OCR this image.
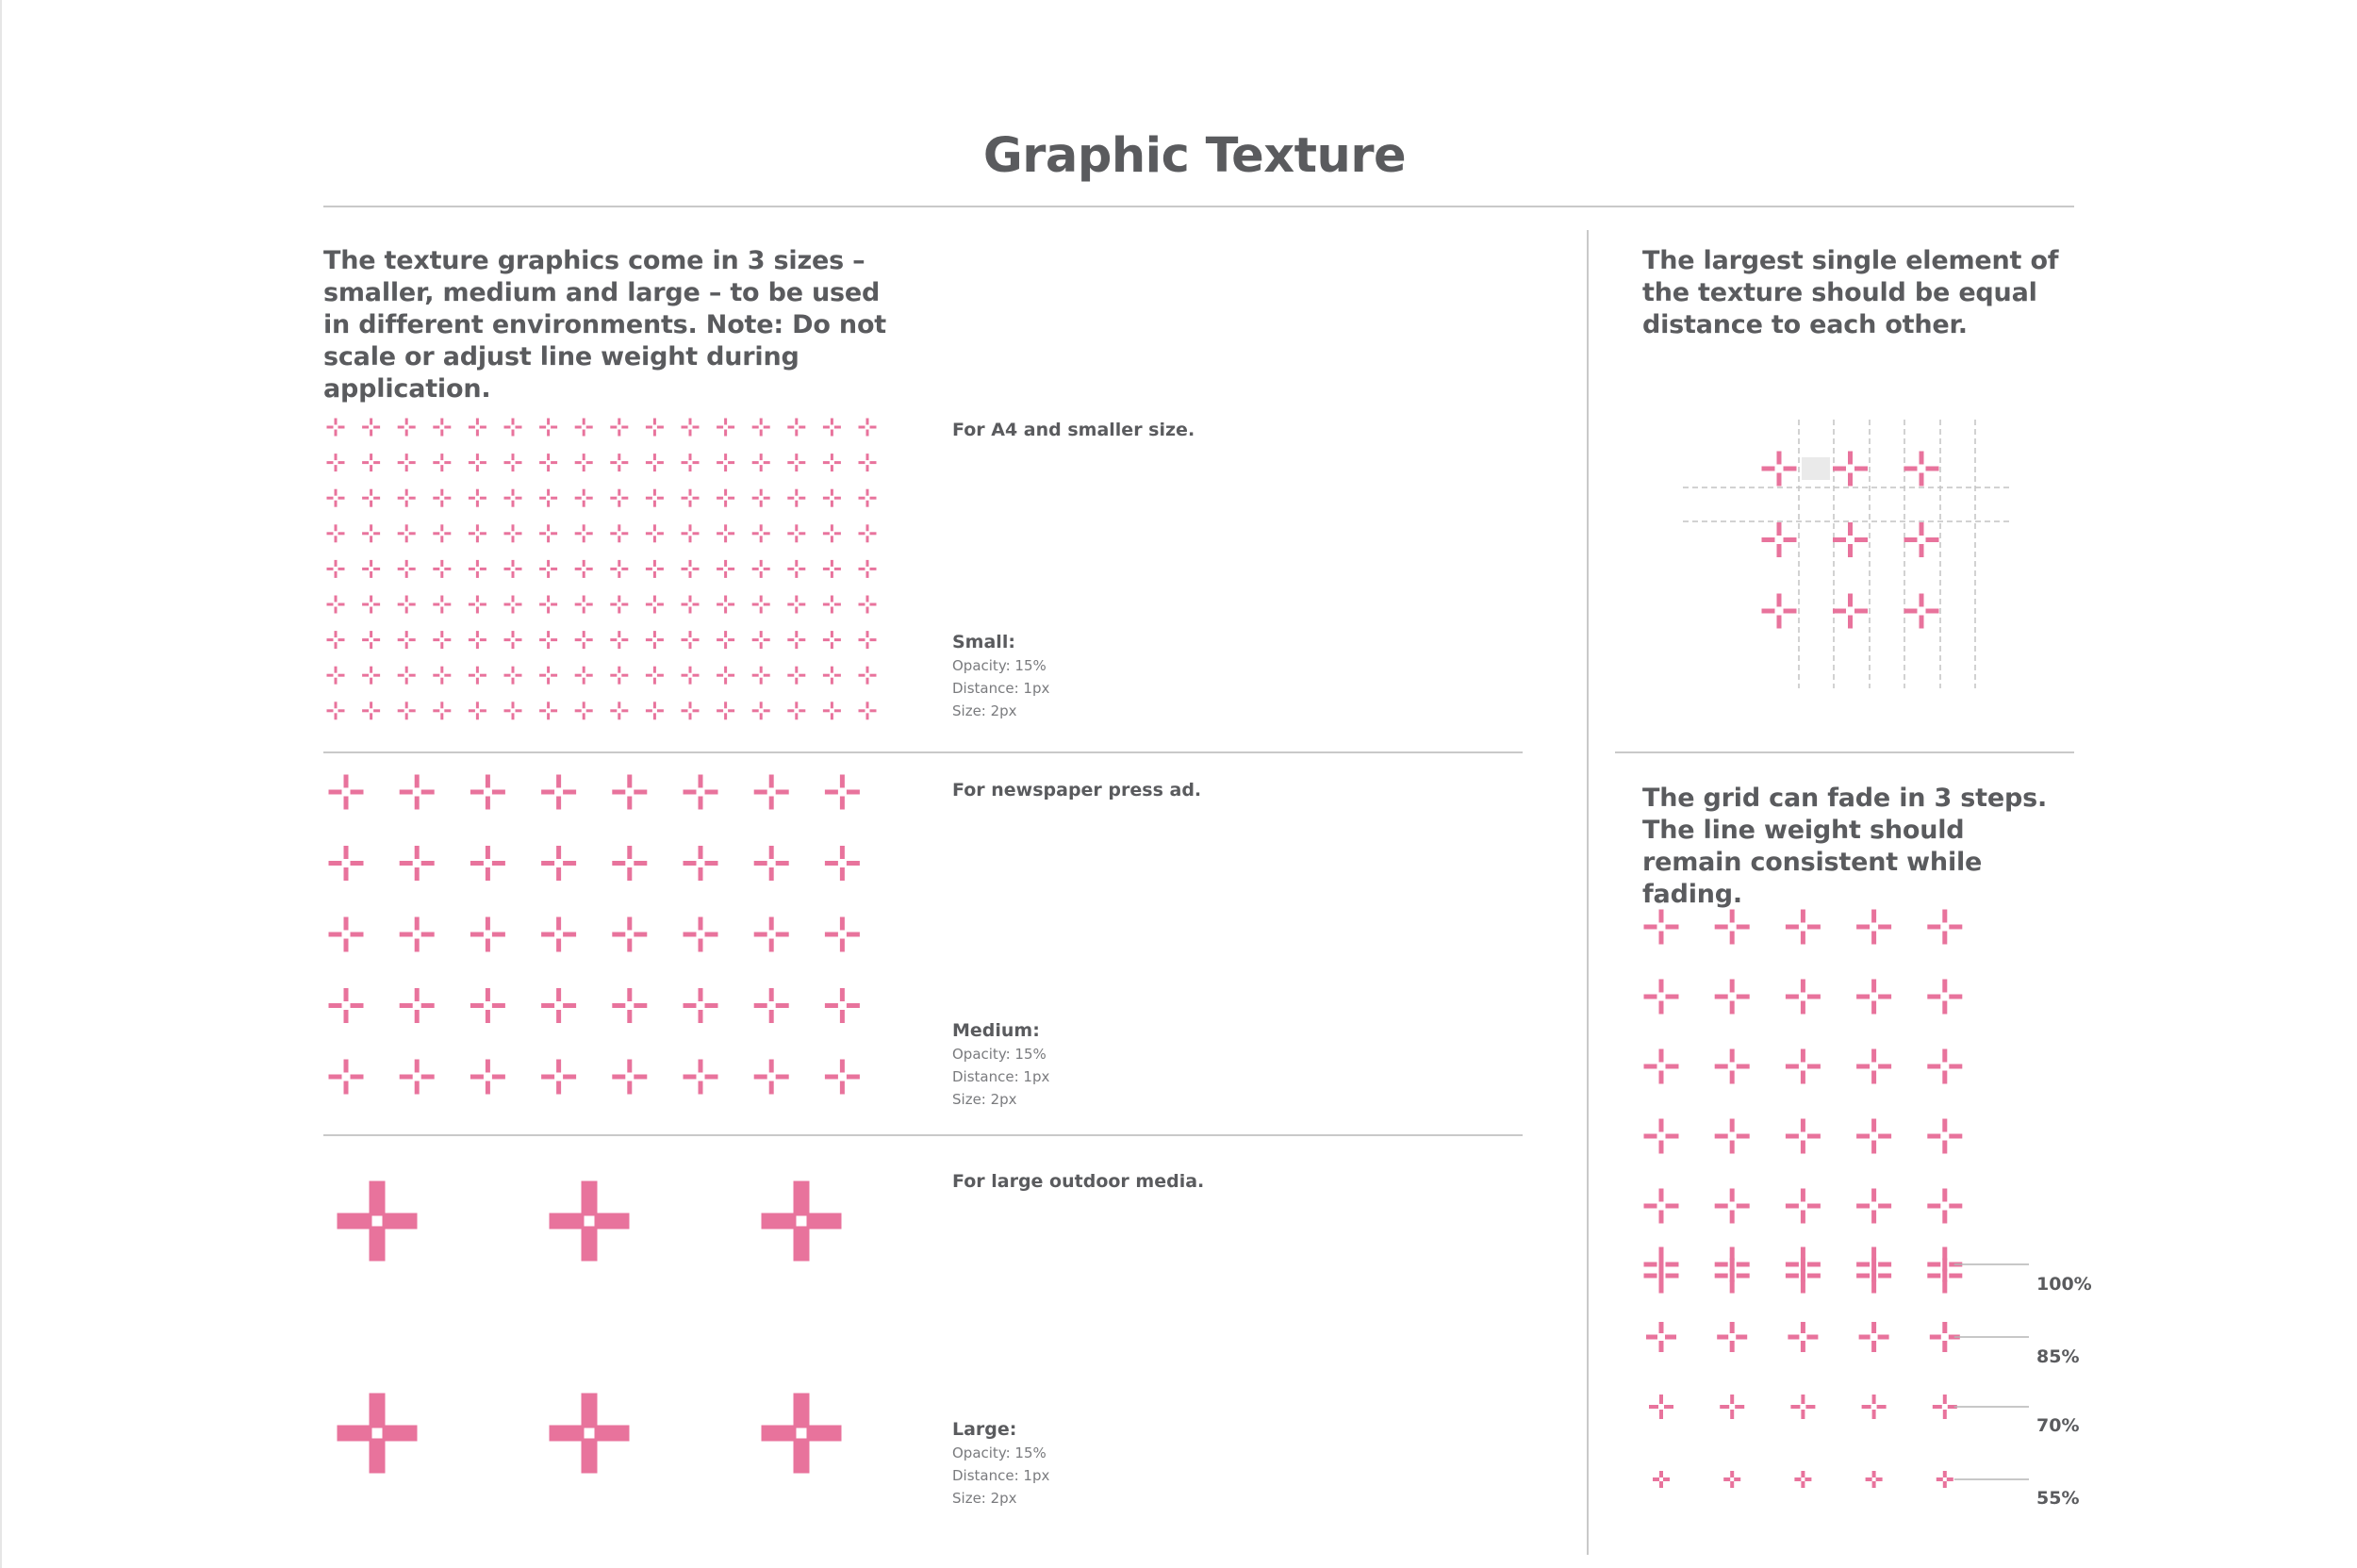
Graphic Texture

The texture graphics come in 3 sizes – smaller, medium and large – to be used in different environments. Note: Do not scale or adjust line weight during application.

For A4 and smaller size.
Small:
Opacity: 15%
Distance: 1px
Size: 2px
For newspaper press ad.
Medium:
Opacity: 15%
Distance: 1px
Size: 2px
For large outdoor media.
Large:
Opacity: 15%
Distance: 1px
Size: 2px

The largest single element of the texture should be equal distance to each other.

The grid can fade in 3 steps. The line weight should remain consistent while fading.

100%
85%
70%
55%
